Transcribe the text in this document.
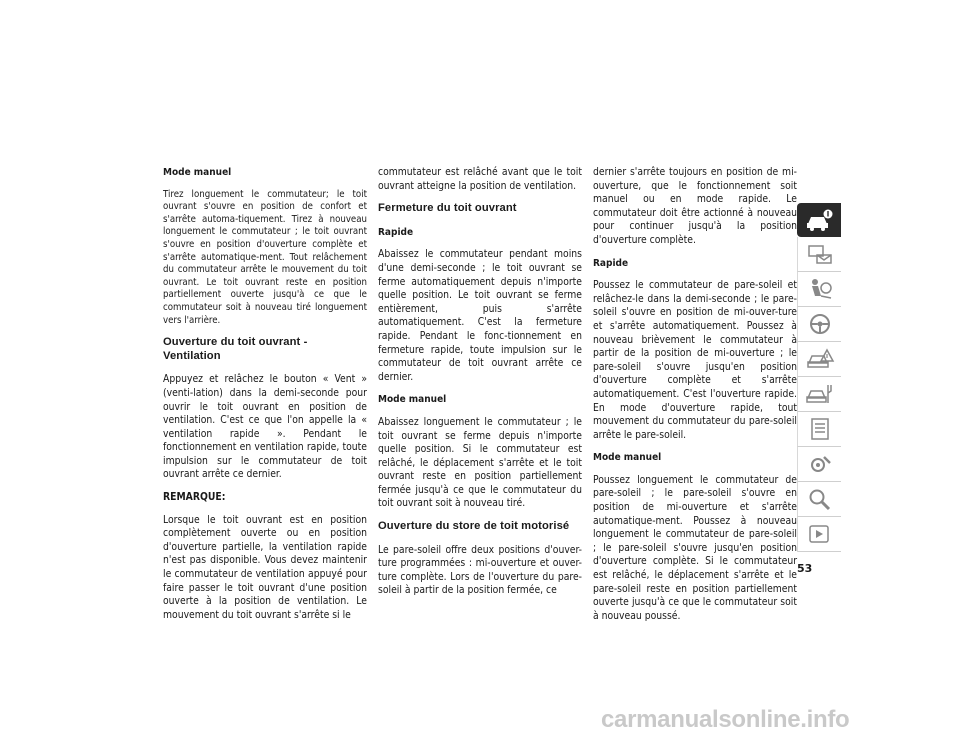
Mode manuel

Tirez longuement le commutateur; le toit ouvrant s'ouvre en position de confort et s'arrête automa-tiquement. Tirez à nouveau longuement le commutateur ; le toit ouvrant s'ouvre en position d'ouverture complète et s'arrête automatique-ment. Tout relâchement du commutateur arrête le mouvement du toit ouvrant. Le toit ouvrant reste en position partiellement ouverte jusqu'à ce que le commutateur soit à nouveau tiré longuement vers l'arrière.

Ouverture du toit ouvrant - Ventilation

Appuyez et relâchez le bouton « Vent » (venti-lation) dans la demi-seconde pour ouvrir le toit ouvrant en position de ventilation. C'est ce que l'on appelle la « ventilation rapide ». Pendant le fonctionnement en ventilation rapide, toute impulsion sur le commutateur de toit ouvrant arrête ce dernier.

REMARQUE:

Lorsque le toit ouvrant est en position complètement ouverte ou en position d'ouverture partielle, la ventilation rapide n'est pas disponible. Vous devez maintenir le commutateur de ventilation appuyé pour faire passer le toit ouvrant d'une position ouverte à la position de ventilation. Le mouvement du toit ouvrant s'arrête si le

commutateur est relâché avant que le toit ouvrant atteigne la position de ventilation.

Fermeture du toit ouvrant

Rapide

Abaissez le commutateur pendant moins d'une demi-seconde ; le toit ouvrant se ferme automatiquement depuis n'importe quelle position. Le toit ouvrant se ferme entièrement, puis s'arrête automatiquement. C'est la fermeture rapide. Pendant le fonc-tionnement en fermeture rapide, toute impulsion sur le commutateur de toit ouvrant arrête ce dernier.

Mode manuel

Abaissez longuement le commutateur ; le toit ouvrant se ferme depuis n'importe quelle position. Si le commutateur est relâché, le déplacement s'arrête et le toit ouvrant reste en position partiellement fermée jusqu'à ce que le commutateur du toit ouvrant soit à nouveau tiré.

Ouverture du store de toit motorisé

Le pare-soleil offre deux positions d'ouver-ture programmées : mi-ouverture et ouver-ture complète. Lors de l'ouverture du pare-soleil à partir de la position fermée, ce

dernier s'arrête toujours en position de mi-ouverture, que le fonctionnement soit manuel ou en mode rapide. Le commutateur doit être actionné à nouveau pour continuer jusqu'à la position d'ouverture complète.

Rapide

Poussez le commutateur de pare-soleil et relâchez-le dans la demi-seconde ; le pare-soleil s'ouvre en position de mi-ouver-ture et s'arrête automatiquement. Poussez à nouveau brièvement le commutateur à partir de la position de mi-ouverture ; le pare-soleil s'ouvre jusqu'en position d'ouverture complète et s'arrête automatiquement. C'est l'ouverture rapide. En mode d'ouverture rapide, tout mouvement du commutateur du pare-soleil arrête le pare-soleil.

Mode manuel

Poussez longuement le commutateur de pare-soleil ; le pare-soleil s'ouvre en position de mi-ouverture et s'arrête automatique-ment. Poussez à nouveau longuement le commutateur de pare-soleil ; le pare-soleil s'ouvre jusqu'en position d'ouverture complète. Si le commutateur est relâché, le déplacement s'arrête et le pare-soleil reste en position partiellement ouverte jusqu'à ce que le commutateur soit à nouveau poussé.

53
carmanualsonline.info
